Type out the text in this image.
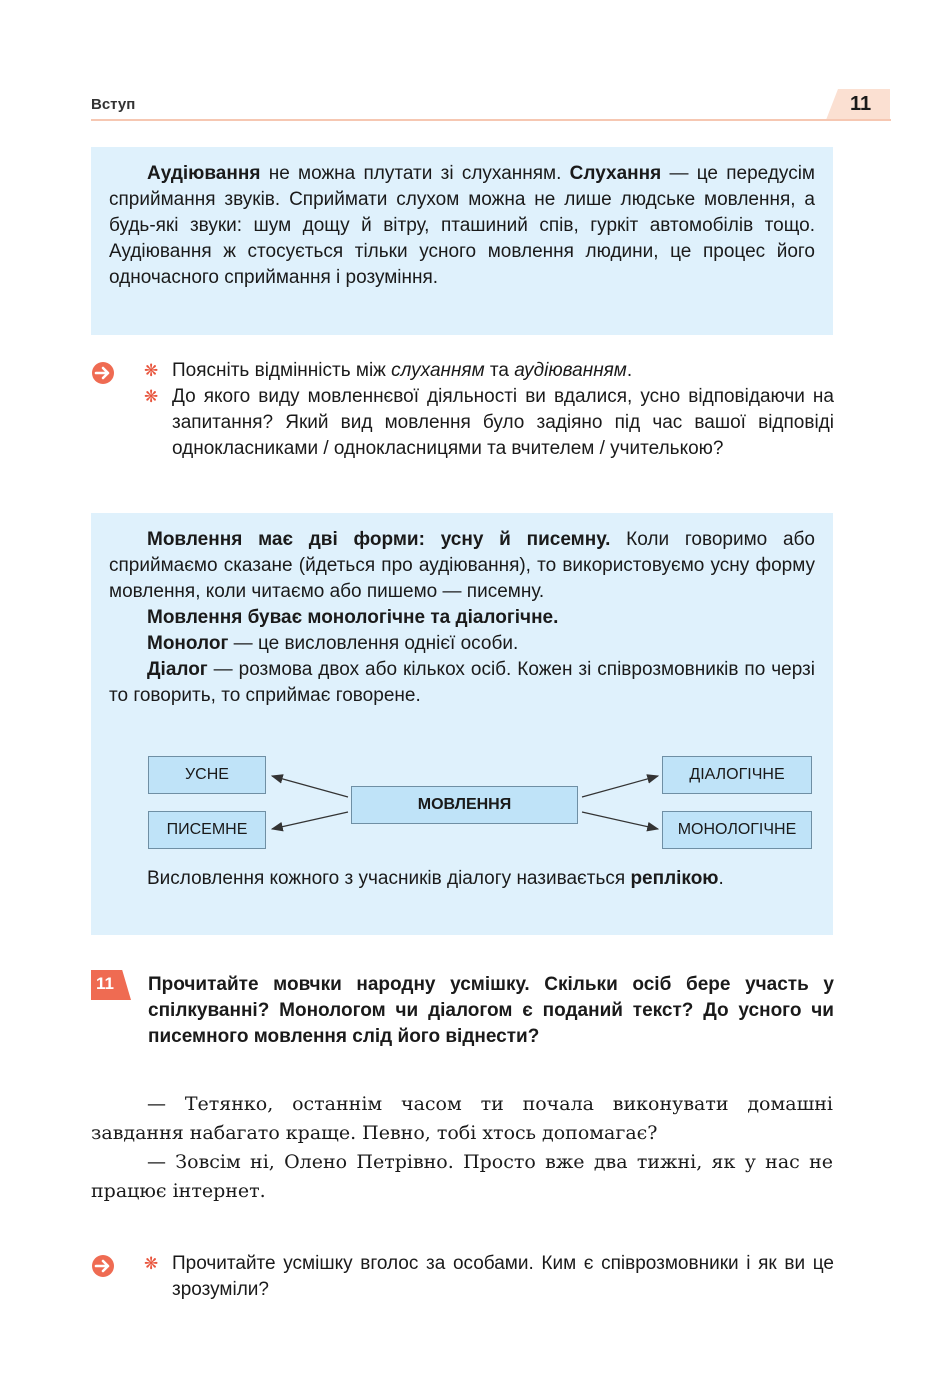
Вступ	11

Аудіювання не можна плутати зі слуханням. Слухання — це передусім сприймання звуків. Сприймати слухом можна не лише людське мовлення, а будь-які звуки: шум дощу й вітру, пташиний спів, гуркіт автомобілів тощо. Аудіювання ж стосується тільки усного мовлення людини, це процес його одночасного сприймання і розуміння.

❋ Поясніть відмінність між слуханням та аудіюванням.
❋ До якого виду мовленнєвої діяльності ви вдалися, усно відповідаючи на запитання? Який вид мовлення було задіяно під час вашої відповіді однокласниками / однокласницями та вчителем / учителькою?

Мовлення має дві форми: усну й писемну. Коли говоримо або сприймаємо сказане (йдеться про аудіювання), то використовуємо усну форму мовлення, коли читаємо або пишемо — писемну.

Мовлення буває монологічне та діалогічне.

Монолог — це висловлення однієї особи.

Діалог — розмова двох або кількох осіб. Кожен зі співрозмовників по черзі то говорить, то сприймає говорене.

Висловлення кожного з учасників діалогу називається реплікою.

МОВЛЕННЯ
УСНЕ
ПИСЕМНЕ
ДІАЛОГІЧНЕ
МОНОЛОГІЧНЕ
11 Прочитайте мовчки народну усмішку. Скільки осіб бере участь у спілкуванні? Монологом чи діалогом є поданий текст? До усного чи писемного мовлення слід його віднести?

— Тетянко, останнім часом ти почала виконувати домашні завдання набагато краще. Певно, тобі хтось допомагає?

— Зовсім ні, Олено Петрівно. Просто вже два тижні, як у нас не працює інтернет.

❋ Прочитайте усмішку вголос за особами. Ким є співрозмовники і як ви це зрозуміли?
